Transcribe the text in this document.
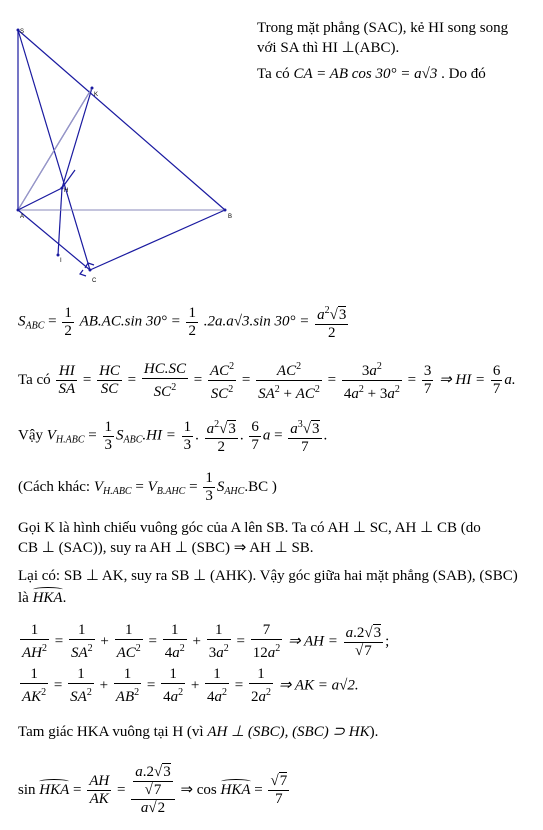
S
K
H
A	B
I
C
Trong mặt phẳng (SAC), kẻ HI song song
với SA thì HI ⊥(ABC).
Ta có CA = AB cos 30° = a√3 . Do đó
$S_{ABC} = \frac{1}{2} AB.AC.\sin$ $30^\circ = \frac{1}{2} .2a.a√3.\sin$ $30^\circ = \frac{a^2√3}{2}$
Ta có $\frac{HI}{SA} = \frac{HC}{SC} = \frac{HC.SC}{SC^2} = \frac{AC^2}{SC^2} = \frac{AC^2}{SA^2 + AC^2} = \frac{3a^2}{4a^2 + 3a^2} = \frac{3}{7}$ ⇒ HI = $\frac{6}{7} a$.
Vậy $V_{H.ABC} = \frac{1}{3} S_{ABC}.HI = \frac{1}{3}$ . $\frac{a^2√3}{2}$ . $\frac{6}{7}$ $a = \frac{a^3√3}{7}$ .
(Cách khác: $V_{H.ABC} = V_{B.AHC} = \frac{1}{3} S_{AHC}.BC$ )
Gọi K là hình chiếu vuông góc của A lên SB. Ta có AH ⊥ SC, AH ⊥ CB (do
CB ⊥ (SAC)), suy ra AH ⊥ (SBC) ⇒ AH ⊥ SB.
Lại có: SB ⊥ AK, suy ra SB ⊥ (AHK). Vậy góc giữa hai mặt phẳng (SAB), (SBC)
là HKA.
$\frac{1}{AH^2} = \frac{1}{SA^2} + \frac{1}{AC^2} = \frac{1}{4a^2} + \frac{1}{3a^2} = \frac{7}{12a^2}$ ⇒ AH = $\frac{a.2√3}{√7}$ ;
$\frac{1}{AK^2} = \frac{1}{SA^2} + \frac{1}{AB^2} = \frac{1}{4a^2} + \frac{1}{4a^2} = \frac{1}{2a^2}$ ⇒ AK = a√2.
Tam giác HKA vuông tại H (vì AH ⊥ (SBC), (SBC) ⊃ HK).
sin HKA = $\frac{AH}{AK} = \frac{\frac{a.2√3}{√7}}{a√2}$ ⇒ cos HKA = $\frac{√7}{7}$
